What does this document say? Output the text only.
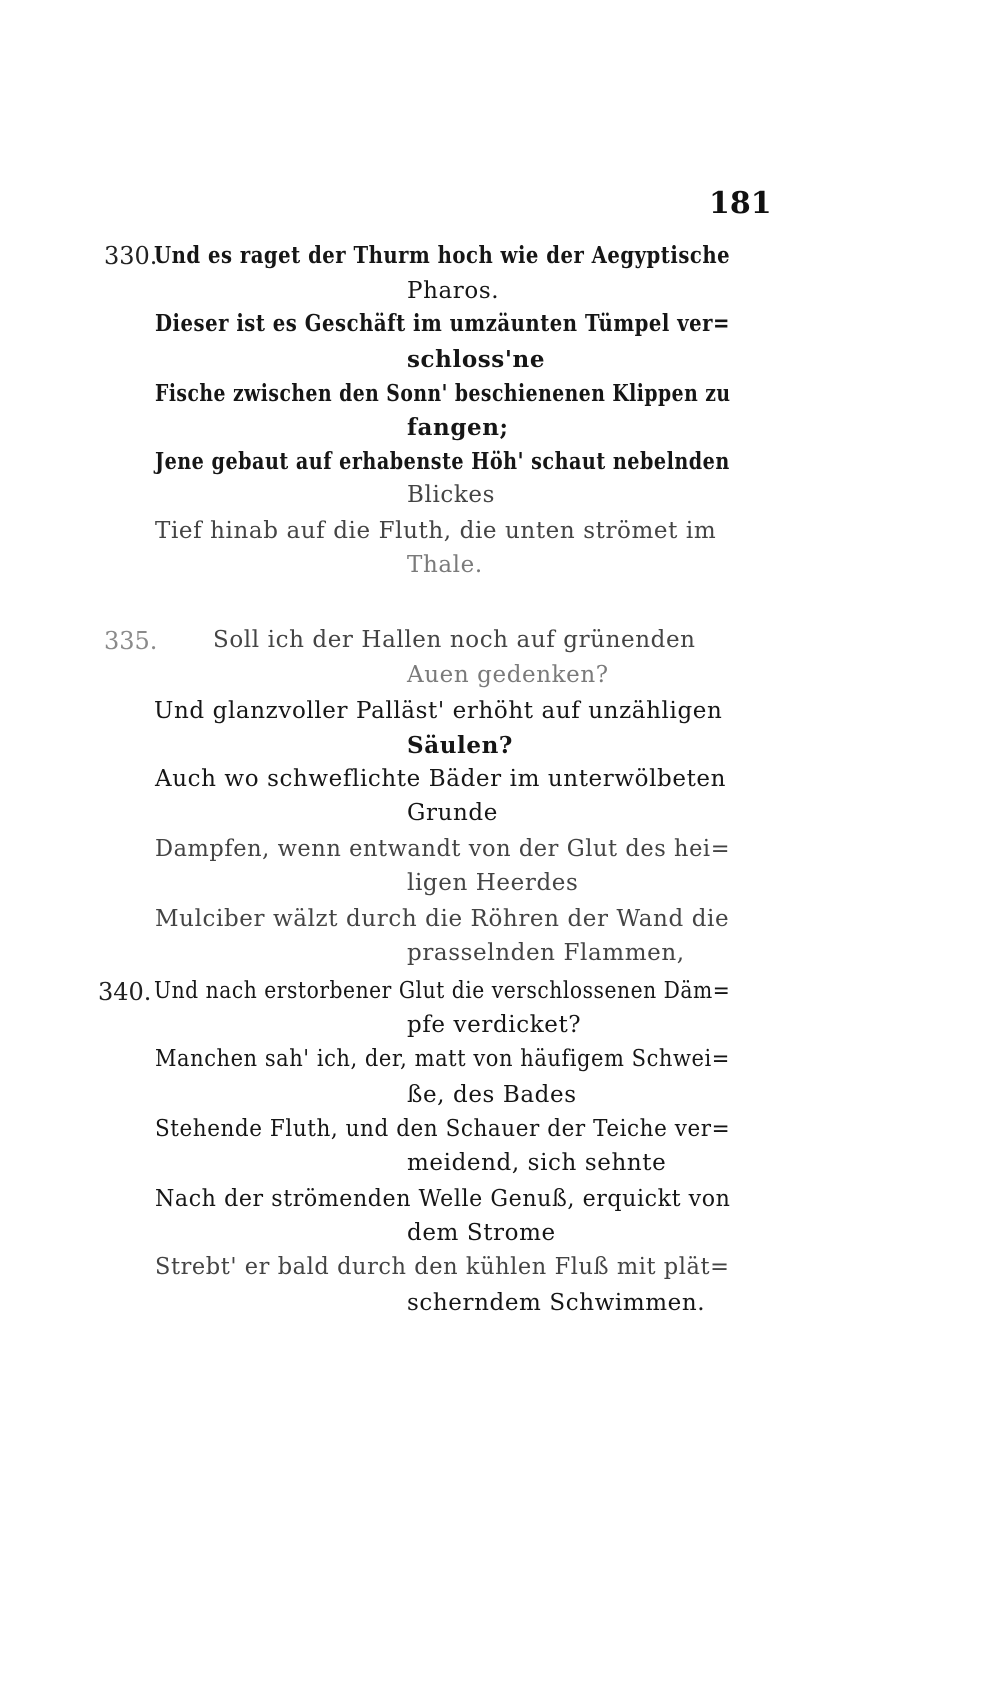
181
330.
Und es raget der Thurm hoch wie der Aegyptische
Pharos.
Dieser ist es Geschäft im umzäunten Tümpel ver=
schloss'ne
Fische zwischen den Sonn' beschienenen Klippen zu
fangen;
Jene gebaut auf erhabenste Höh' schaut nebelnden
Blickes
Tief hinab auf die Fluth, die unten strömet im
Thale.
335. Soll ich der Hallen noch auf grünenden
Auen gedenken?
Und glanzvoller Palläst' erhöht auf unzähligen
Säulen?
Auch wo schweflichte Bäder im unterwölbeten
Grunde
Dampfen, wenn entwandt von der Glut des hei=
ligen Heerdes
Mulciber wälzt durch die Röhren der Wand die
prasselnden Flammen,
340. Und nach erstorbener Glut die verschlossenen Däm=
pfe verdicket?
Manchen sah' ich, der, matt von häufigem Schwei=
ße, des Bades
Stehende Fluth, und den Schauer der Teiche ver=
meidend, sich sehnte
Nach der strömenden Welle Genuß, erquickt von
dem Strome
Strebt' er bald durch den kühlen Fluß mit plät=
scherndem Schwimmen.
